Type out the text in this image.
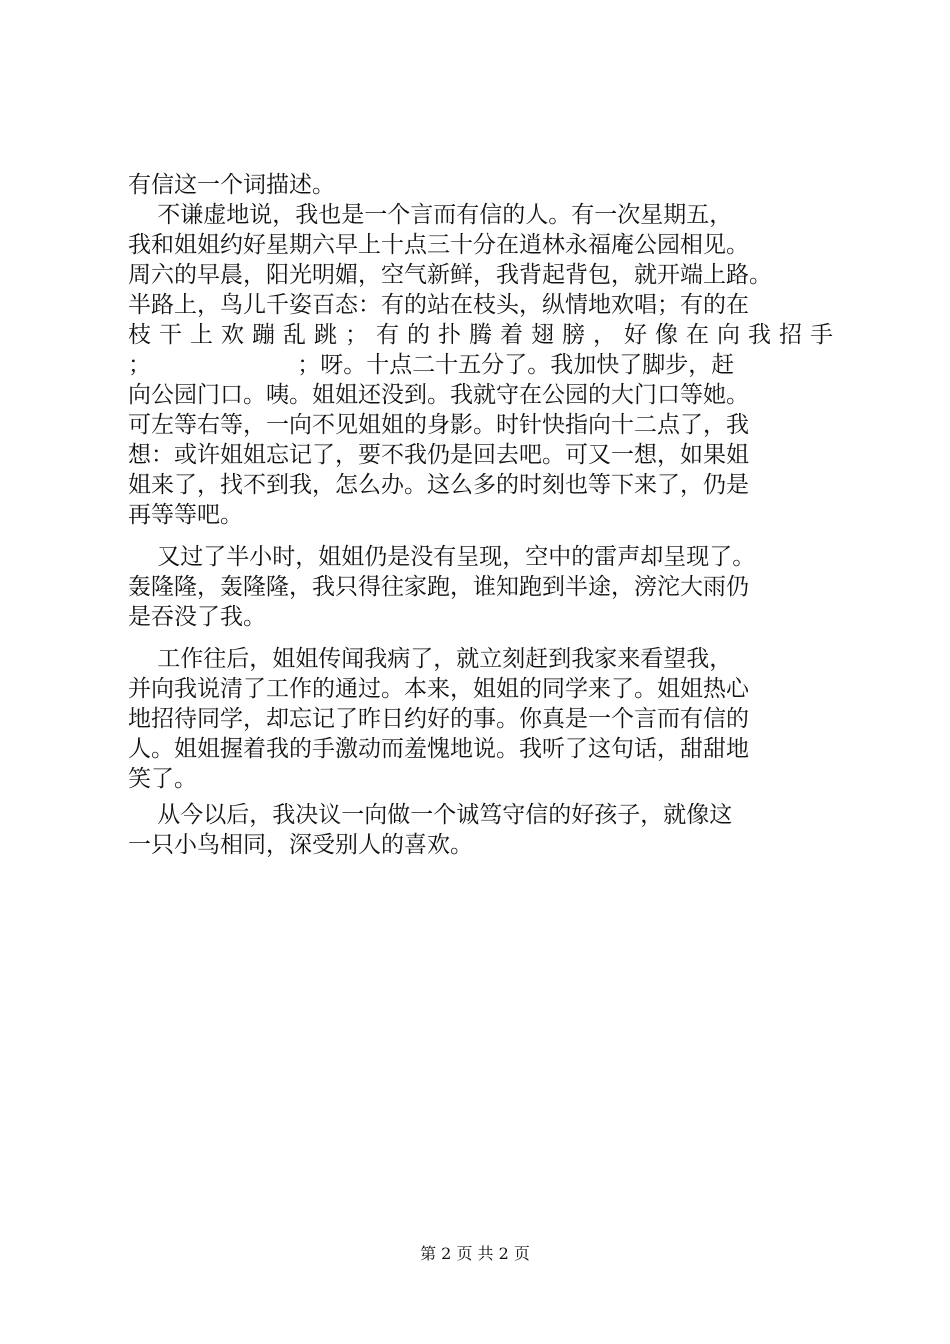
有信这一个词描述。
不谦虚地说，我也是一个言而有信的人。有一次星期五，
我和姐姐约好星期六早上十点三十分在逍林永福庵公园相见。
周六的早晨，阳光明媚，空气新鲜，我背起背包，就开端上路。
半路上，鸟儿千姿百态：有的站在枝头，纵情地欢唱；有的在
枝干上欢蹦乱跳；有的扑腾着翅膀，好像在向我招手
；                    ；呀。十点二十五分了。我加快了脚步，赶
向公园门口。咦。姐姐还没到。我就守在公园的大门口等她。
可左等右等，一向不见姐姐的身影。时针快指向十二点了，我
想：或许姐姐忘记了，要不我仍是回去吧。可又一想，如果姐
姐来了，找不到我，怎么办。这么多的时刻也等下来了，仍是
再等等吧。
又过了半小时，姐姐仍是没有呈现，空中的雷声却呈现了。
轰隆隆，轰隆隆，我只得往家跑，谁知跑到半途，滂沱大雨仍
是吞没了我。
工作往后，姐姐传闻我病了，就立刻赶到我家来看望我，
并向我说清了工作的通过。本来，姐姐的同学来了。姐姐热心
地招待同学，却忘记了昨日约好的事。你真是一个言而有信的
人。姐姐握着我的手激动而羞愧地说。我听了这句话，甜甜地
笑了。
从今以后，我决议一向做一个诚笃守信的好孩子，就像这
一只小鸟相同，深受别人的喜欢。
第 2 页 共 2 页
